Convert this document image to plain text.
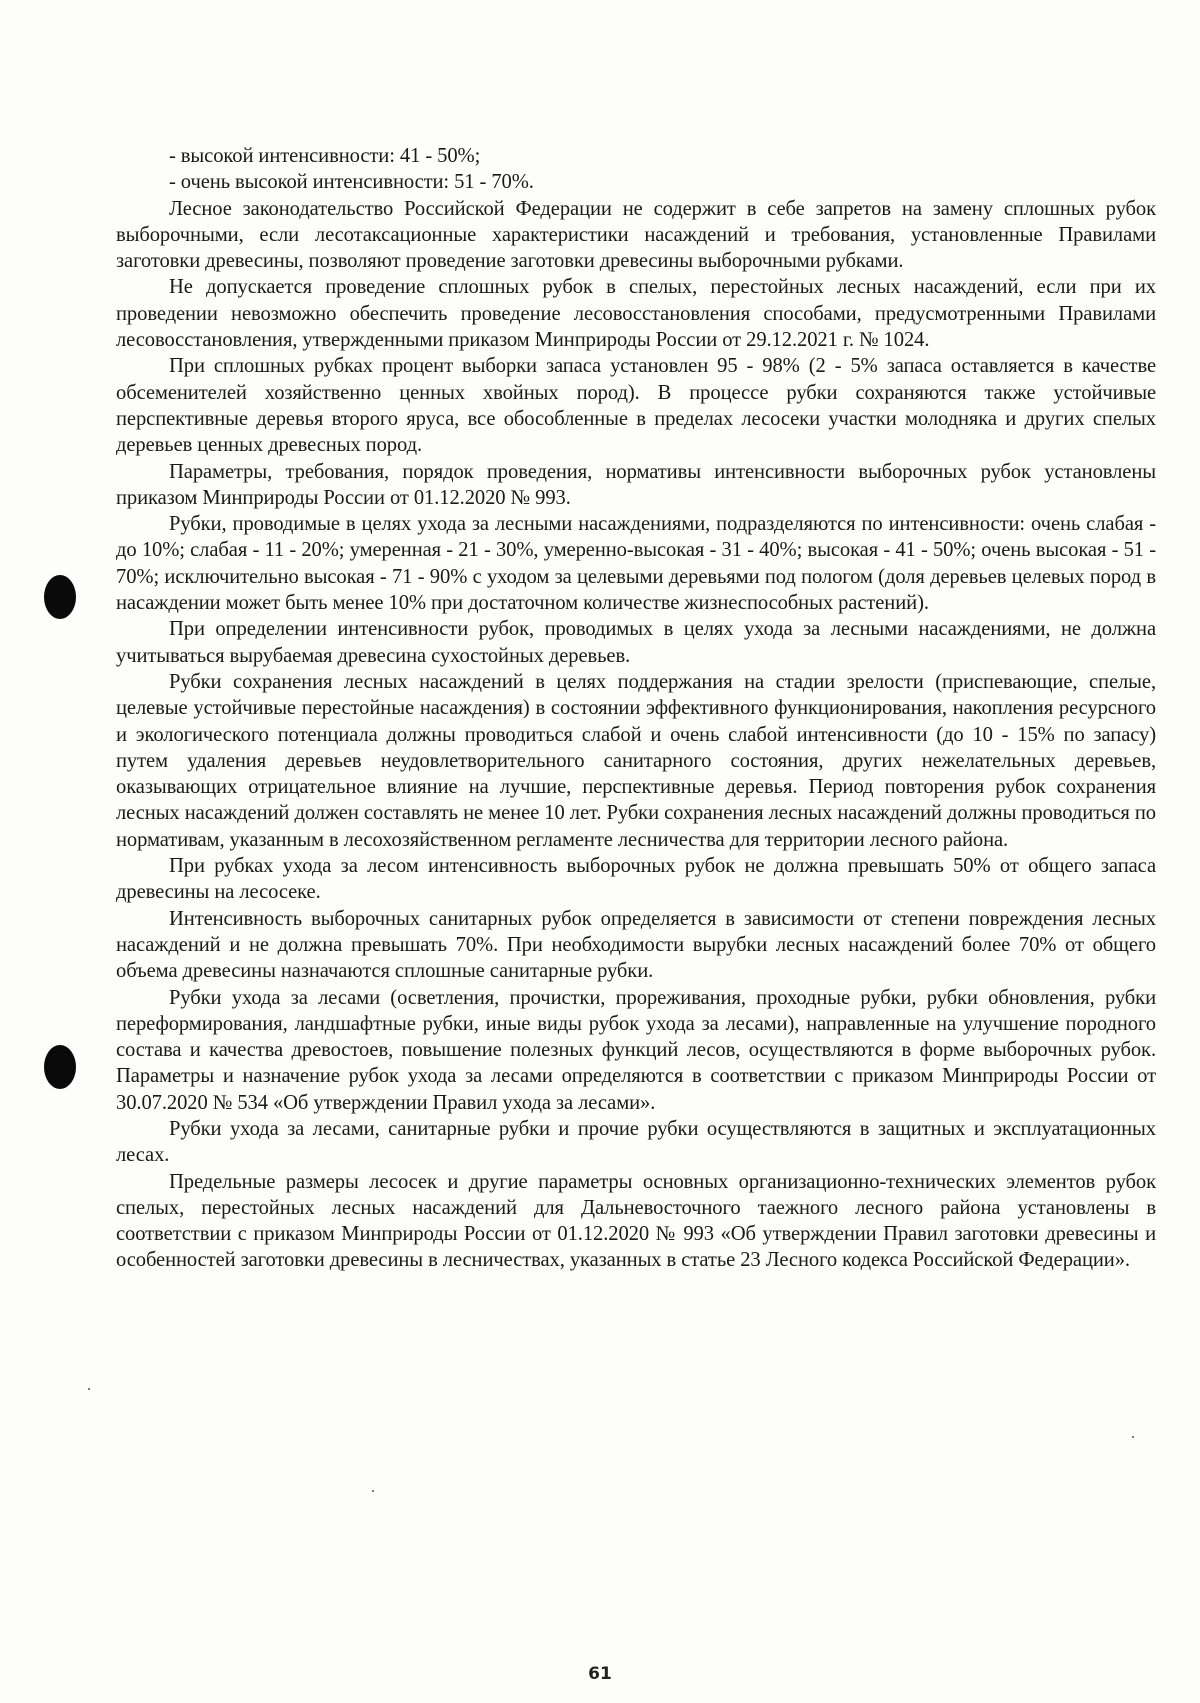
- высокой интенсивности: 41 - 50%;

- очень высокой интенсивности: 51 - 70%.

Лесное законодательство Российской Федерации не содержит в себе запретов на замену сплошных рубок выборочными, если лесотаксационные характеристики насаждений и требования, установленные Правилами заготовки древесины, позволяют проведение заготовки древесины выборочными рубками.

Не допускается проведение сплошных рубок в спелых, перестойных лесных насаждений, если при их проведении невозможно обеспечить проведение лесовосстановления способами, предусмотренными Правилами лесовосстановления, утвержденными приказом Минприроды России от 29.12.2021 г. № 1024.

При сплошных рубках процент выборки запаса установлен 95 - 98% (2 - 5% запаса оставляется в качестве обсеменителей хозяйственно ценных хвойных пород). В процессе рубки сохраняются также устойчивые перспективные деревья второго яруса, все обособленные в пределах лесосеки участки молодняка и других спелых деревьев ценных древесных пород.

Параметры, требования, порядок проведения, нормативы интенсивности выборочных рубок установлены приказом Минприроды России от 01.12.2020 № 993.

Рубки, проводимые в целях ухода за лесными насаждениями, подразделяются по интенсивности: очень слабая - до 10%; слабая - 11 - 20%; умеренная - 21 - 30%, умеренно-высокая - 31 - 40%; высокая - 41 - 50%; очень высокая - 51 - 70%; исключительно высокая - 71 - 90% с уходом за целевыми деревьями под пологом (доля деревьев целевых пород в насаждении может быть менее 10% при достаточном количестве жизнеспособных растений).

При определении интенсивности рубок, проводимых в целях ухода за лесными насаждениями, не должна учитываться вырубаемая древесина сухостойных деревьев.

Рубки сохранения лесных насаждений в целях поддержания на стадии зрелости (приспевающие, спелые, целевые устойчивые перестойные насаждения) в состоянии эффективного функционирования, накопления ресурсного и экологического потенциала должны проводиться слабой и очень слабой интенсивности (до 10 - 15% по запасу) путем удаления деревьев неудовлетворительного санитарного состояния, других нежелательных деревьев, оказывающих отрицательное влияние на лучшие, перспективные деревья. Период повторения рубок сохранения лесных насаждений должен составлять не менее 10 лет. Рубки сохранения лесных насаждений должны проводиться по нормативам, указанным в лесохозяйственном регламенте лесничества для территории лесного района.

При рубках ухода за лесом интенсивность выборочных рубок не должна превышать 50% от общего запаса древесины на лесосеке.

Интенсивность выборочных санитарных рубок определяется в зависимости от степени повреждения лесных насаждений и не должна превышать 70%. При необходимости вырубки лесных насаждений более 70% от общего объема древесины назначаются сплошные санитарные рубки.

Рубки ухода за лесами (осветления, прочистки, прореживания, проходные рубки, рубки обновления, рубки переформирования, ландшафтные рубки, иные виды рубок ухода за лесами), направленные на улучшение породного состава и качества древостоев, повышение полезных функций лесов, осуществляются в форме выборочных рубок. Параметры и назначение рубок ухода за лесами определяются в соответствии с приказом Минприроды России от 30.07.2020 № 534 «Об утверждении Правил ухода за лесами».

Рубки ухода за лесами, санитарные рубки и прочие рубки осуществляются в защитных и эксплуатационных лесах.

Предельные размеры лесосек и другие параметры основных организационно-технических элементов рубок спелых, перестойных лесных насаждений для Дальневосточного таежного лесного района установлены в соответствии с приказом Минприроды России от 01.12.2020 № 993 «Об утверждении Правил заготовки древесины и особенностей заготовки древесины в лесничествах, указанных в статье 23 Лесного кодекса Российской Федерации».

61
